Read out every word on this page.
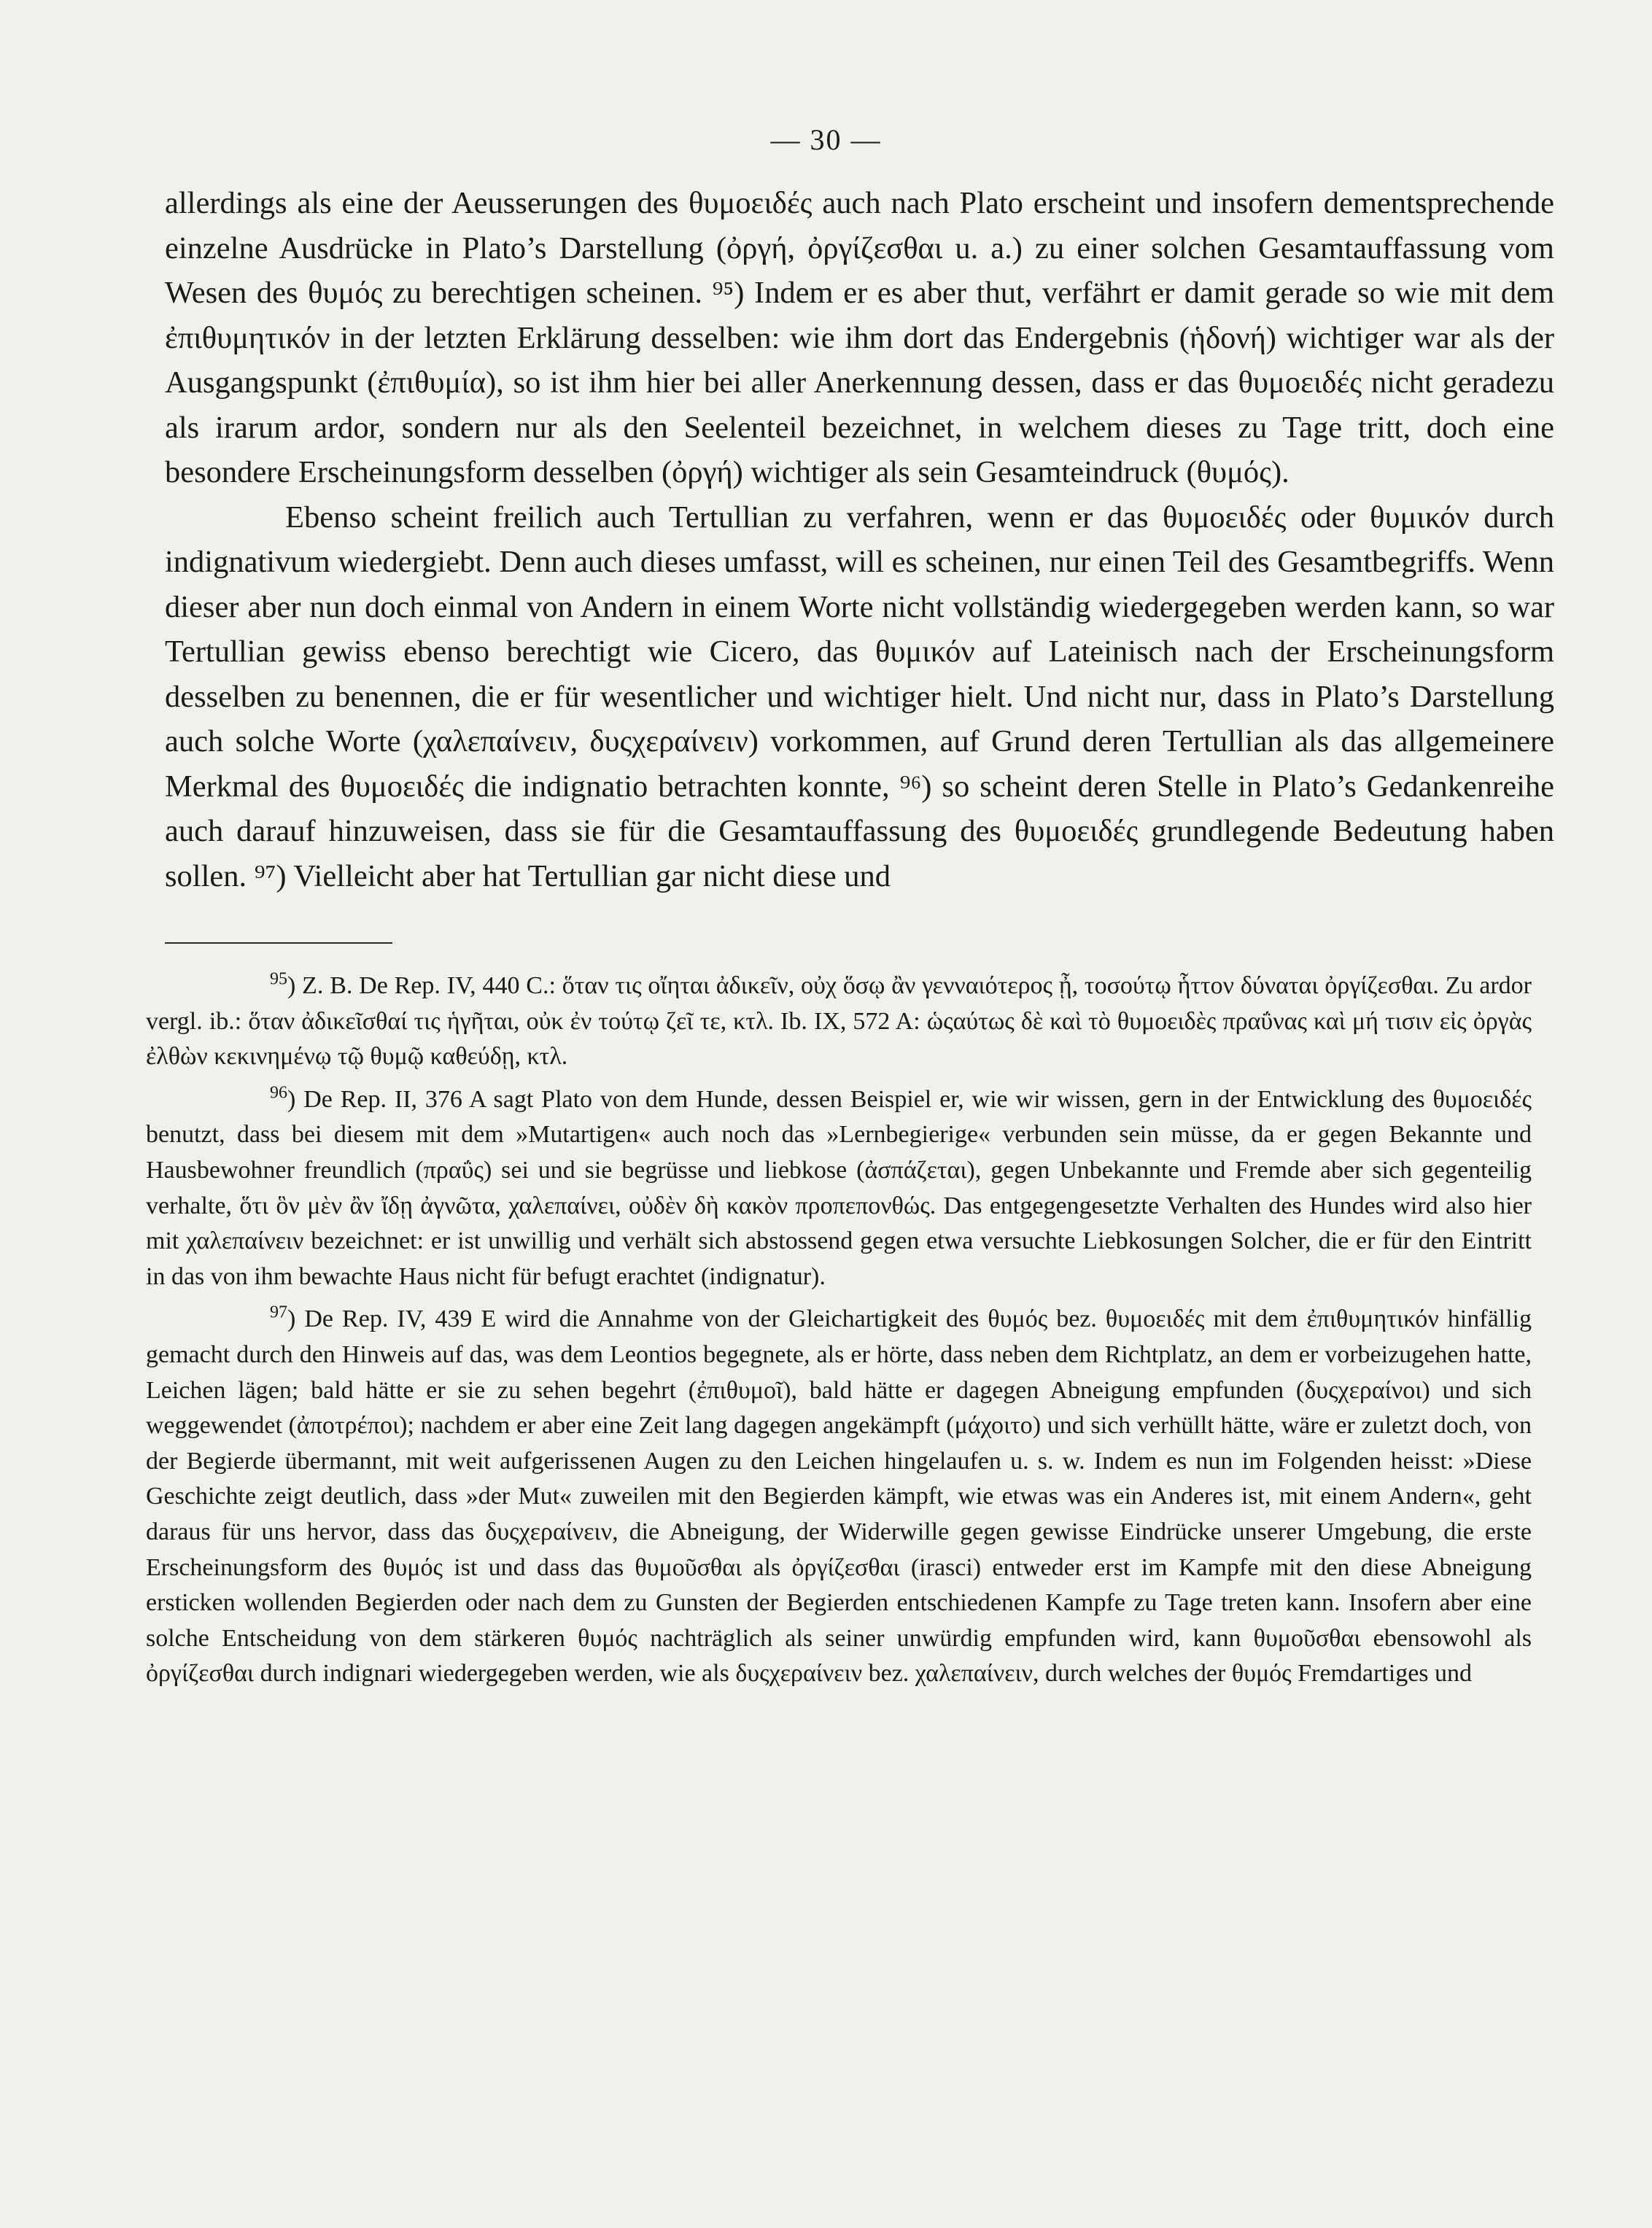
— 30 —

allerdings als eine der Aeusserungen des θυμοειδές auch nach Plato erscheint und insofern dementsprechende einzelne Ausdrücke in Plato’s Darstellung (ὀργή, ὀργίζεσθαι u. a.) zu einer solchen Gesamtauffassung vom Wesen des θυμός zu berechtigen scheinen. ⁹⁵) Indem er es aber thut, verfährt er damit gerade so wie mit dem ἐπιθυμητικόν in der letzten Erklärung desselben: wie ihm dort das Endergebnis (ἡδονή) wichtiger war als der Ausgangspunkt (ἐπιθυμία), so ist ihm hier bei aller Anerkennung dessen, dass er das θυμοειδές nicht geradezu als irarum ardor, sondern nur als den Seelenteil bezeichnet, in welchem dieses zu Tage tritt, doch eine besondere Erscheinungsform desselben (ὀργή) wichtiger als sein Gesamteindruck (θυμός).

Ebenso scheint freilich auch Tertullian zu verfahren, wenn er das θυμοειδές oder θυμικόν durch indignativum wiedergiebt. Denn auch dieses umfasst, will es scheinen, nur einen Teil des Gesamtbegriffs. Wenn dieser aber nun doch einmal von Andern in einem Worte nicht vollständig wiedergegeben werden kann, so war Tertullian gewiss ebenso berechtigt wie Cicero, das θυμικόν auf Lateinisch nach der Erscheinungsform desselben zu benennen, die er für wesentlicher und wichtiger hielt. Und nicht nur, dass in Plato’s Darstellung auch solche Worte (χαλεπαίνειν, δυςχεραίνειν) vorkommen, auf Grund deren Tertullian als das allgemeinere Merkmal des θυμοειδές die indignatio betrachten konnte, ⁹⁶) so scheint deren Stelle in Plato’s Gedankenreihe auch darauf hinzuweisen, dass sie für die Gesamtauffassung des θυμοειδές grundlegende Bedeutung haben sollen. ⁹⁷) Vielleicht aber hat Tertullian gar nicht diese und

$^{95}$) Z. B. De Rep. IV, 440 C.: ὅταν τις οἴηται ἀδικεῖν, οὐχ ὅσῳ ἂν γενναιότερος ᾖ, τοσούτῳ ἧττον δύναται ὀργίζεσθαι. Zu ardor vergl. ib.: ὅταν ἀδικεῖσθαί τις ἡγῆται, οὐκ ἐν τούτῳ ζεῖ τε, κτλ. Ib. IX, 572 A: ὡςαύτως δὲ καὶ τὸ θυμοειδὲς πραΰνας καὶ μή τισιν εἰς ὀργὰς ἐλθὼν κεκινημένῳ τῷ θυμῷ καθεύδῃ, κτλ.

$^{96}$) De Rep. II, 376 A sagt Plato von dem Hunde, dessen Beispiel er, wie wir wissen, gern in der Entwicklung des θυμοειδές benutzt, dass bei diesem mit dem »Mutartigen« auch noch das »Lernbegierige« verbunden sein müsse, da er gegen Bekannte und Hausbewohner freundlich (πραΰς) sei und sie begrüsse und liebkose (ἀσπάζεται), gegen Unbekannte und Fremde aber sich gegenteilig verhalte, ὅτι ὃν μὲν ἂν ἴδῃ ἀγνῶτα, χαλεπαίνει, οὐδὲν δὴ κακὸν προπεπονθώς. Das entgegengesetzte Verhalten des Hundes wird also hier mit χαλεπαίνειν bezeichnet: er ist unwillig und verhält sich abstossend gegen etwa versuchte Liebkosungen Solcher, die er für den Eintritt in das von ihm bewachte Haus nicht für befugt erachtet (indignatur).

$^{97}$) De Rep. IV, 439 E wird die Annahme von der Gleichartigkeit des θυμός bez. θυμοειδές mit dem ἐπιθυμητικόν hinfällig gemacht durch den Hinweis auf das, was dem Leontios begegnete, als er hörte, dass neben dem Richtplatz, an dem er vorbeizugehen hatte, Leichen lägen; bald hätte er sie zu sehen begehrt (ἐπιθυμοῖ), bald hätte er dagegen Abneigung empfunden (δυςχεραίνοι) und sich weggewendet (ἀποτρέποι); nachdem er aber eine Zeit lang dagegen angekämpft (μάχοιτο) und sich verhüllt hätte, wäre er zuletzt doch, von der Begierde übermannt, mit weit aufgerissenen Augen zu den Leichen hingelaufen u. s. w. Indem es nun im Folgenden heisst: »Diese Geschichte zeigt deutlich, dass »der Mut« zuweilen mit den Begierden kämpft, wie etwas was ein Anderes ist, mit einem Andern«, geht daraus für uns hervor, dass das δυςχεραίνειν, die Abneigung, der Widerwille gegen gewisse Eindrücke unserer Umgebung, die erste Erscheinungsform des θυμός ist und dass das θυμοῦσθαι als ὀργίζεσθαι (irasci) entweder erst im Kampfe mit den diese Abneigung ersticken wollenden Begierden oder nach dem zu Gunsten der Begierden entschiedenen Kampfe zu Tage treten kann. Insofern aber eine solche Entscheidung von dem stärkeren θυμός nachträglich als seiner unwürdig empfunden wird, kann θυμοῦσθαι ebensowohl als ὀργίζεσθαι durch indignari wiedergegeben werden, wie als δυςχεραίνειν bez. χαλεπαίνειν, durch welches der θυμός Fremdartiges und
